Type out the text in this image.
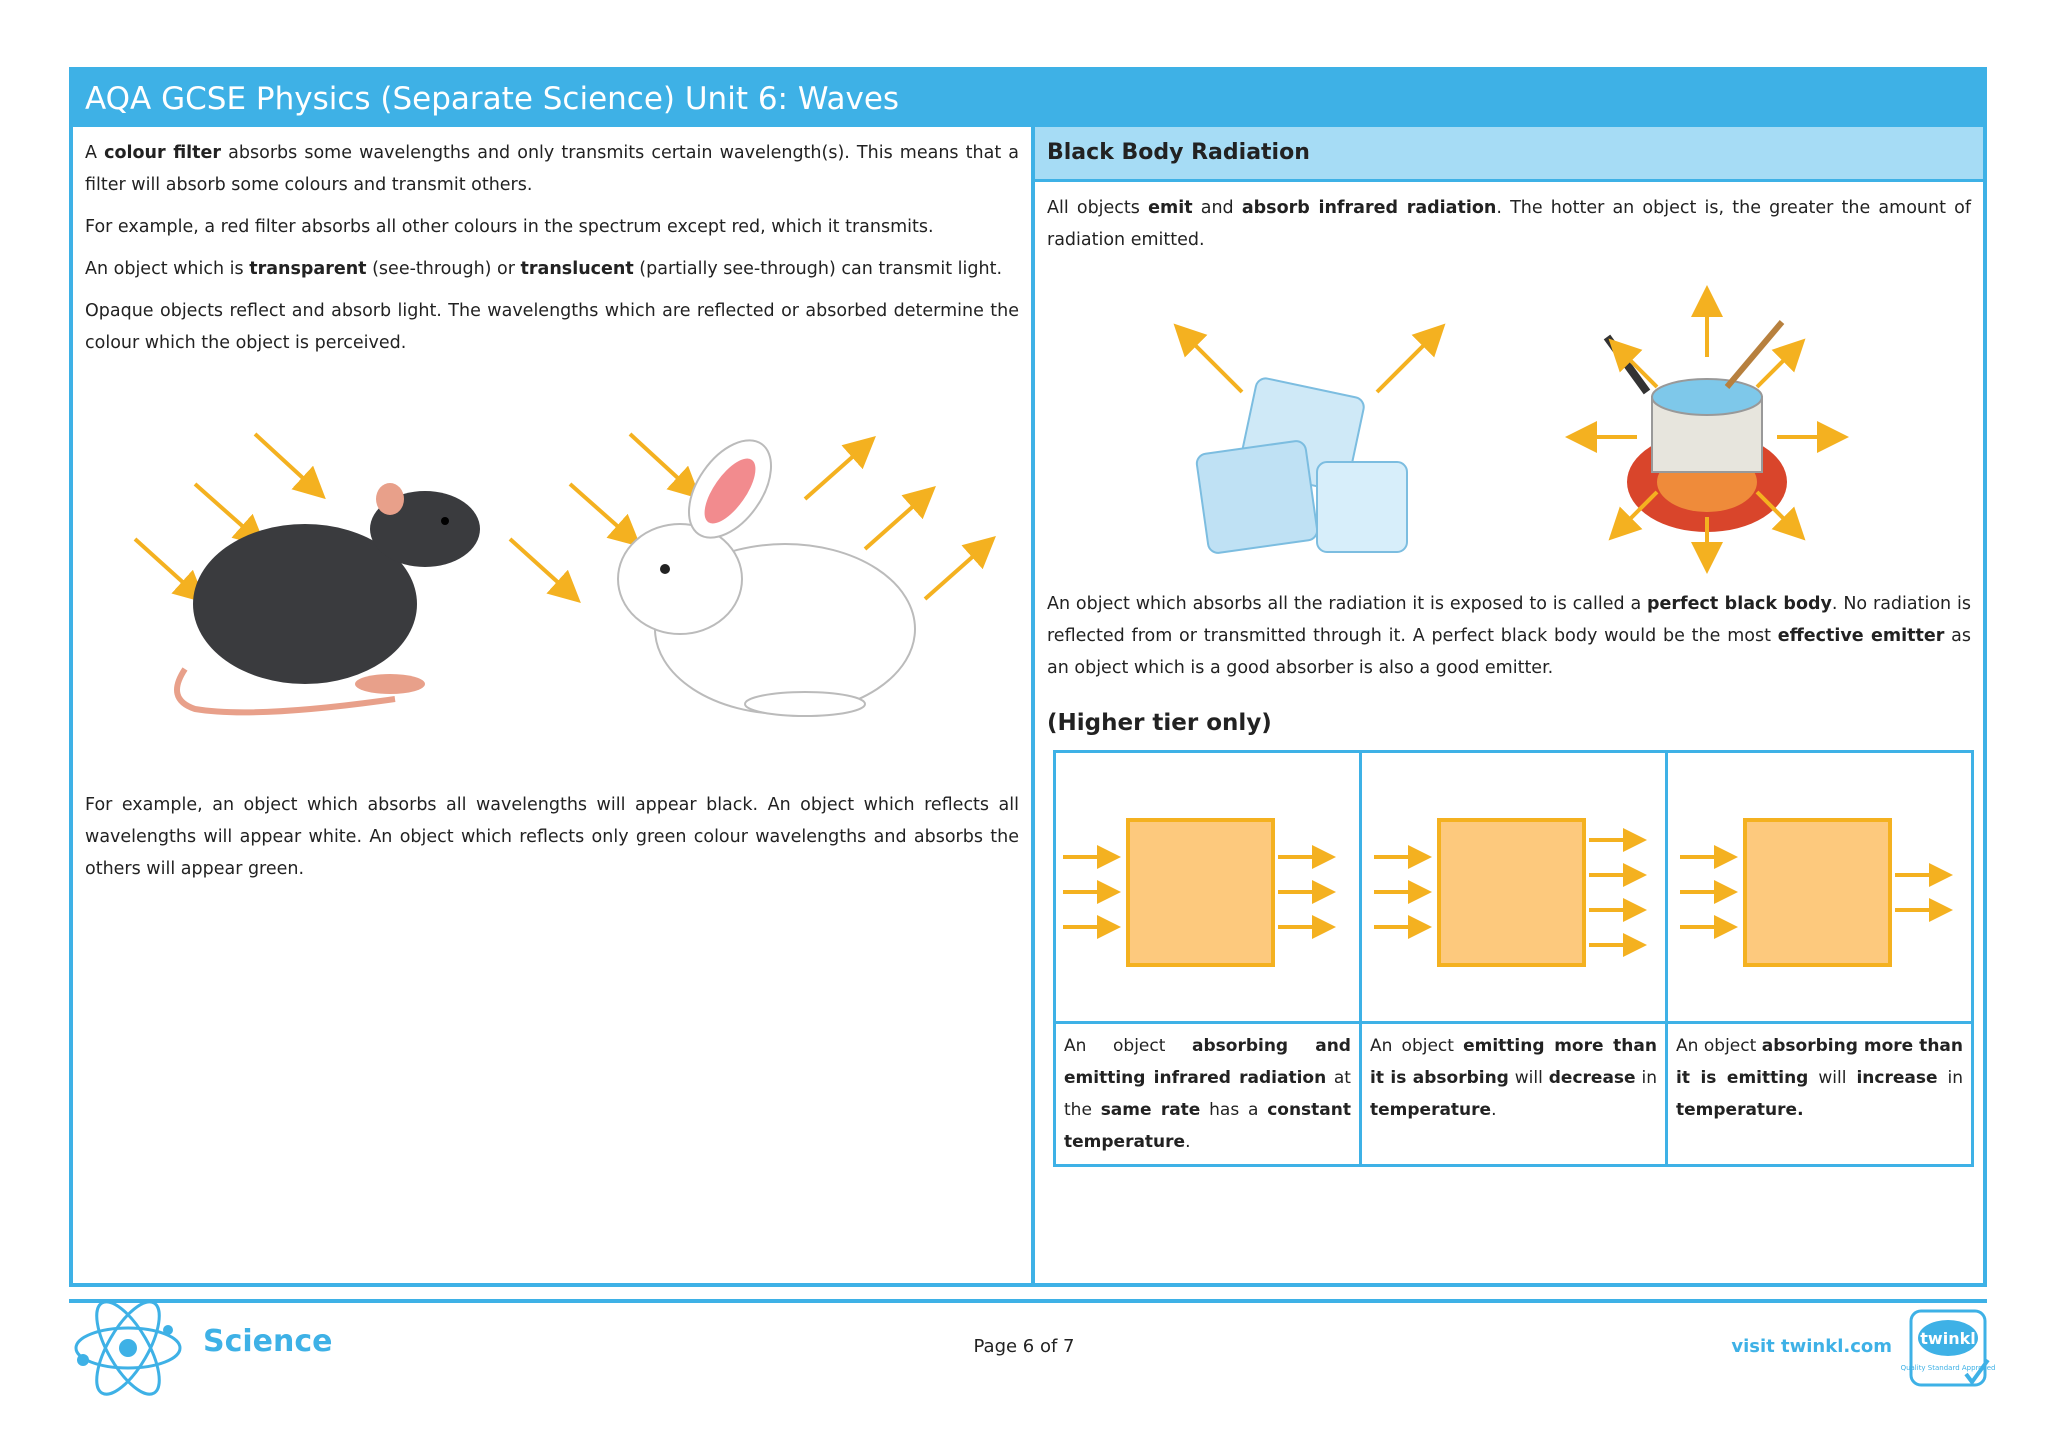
AQA GCSE Physics (Separate Science) Unit 6: Waves

A colour filter absorbs some wavelengths and only transmits certain wavelength(s). This means that a filter will absorb some colours and transmit others.

For example, a red filter absorbs all other colours in the spectrum except red, which it transmits.

An object which is transparent (see-through) or translucent (partially see-through) can transmit light.

Opaque objects reflect and absorb light. The wavelengths which are reflected or absorbed determine the colour which the object is perceived.

For example, an object which absorbs all wavelengths will appear black. An object which reflects all wavelengths will appear white. An object which reflects only green colour wavelengths and absorbs the others will appear green.

Black Body Radiation

All objects emit and absorb infrared radiation. The hotter an object is, the greater the amount of radiation emitted.

An object which absorbs all the radiation it is exposed to is called a perfect black body. No radiation is reflected from or transmitted through it. A perfect black body would be the most effective emitter as an object which is a good absorber is also a good emitter.

(Higher tier only)

An object absorbing and emitting infrared radiation at the same rate has a constant temperature.	An object emitting more than it is absorbing will decrease in temperature.	An object absorbing more than it is emitting will increase in temperature.
Science	Page 6 of 7	visit twinkl.com twinkl
Quality Standard Approved
